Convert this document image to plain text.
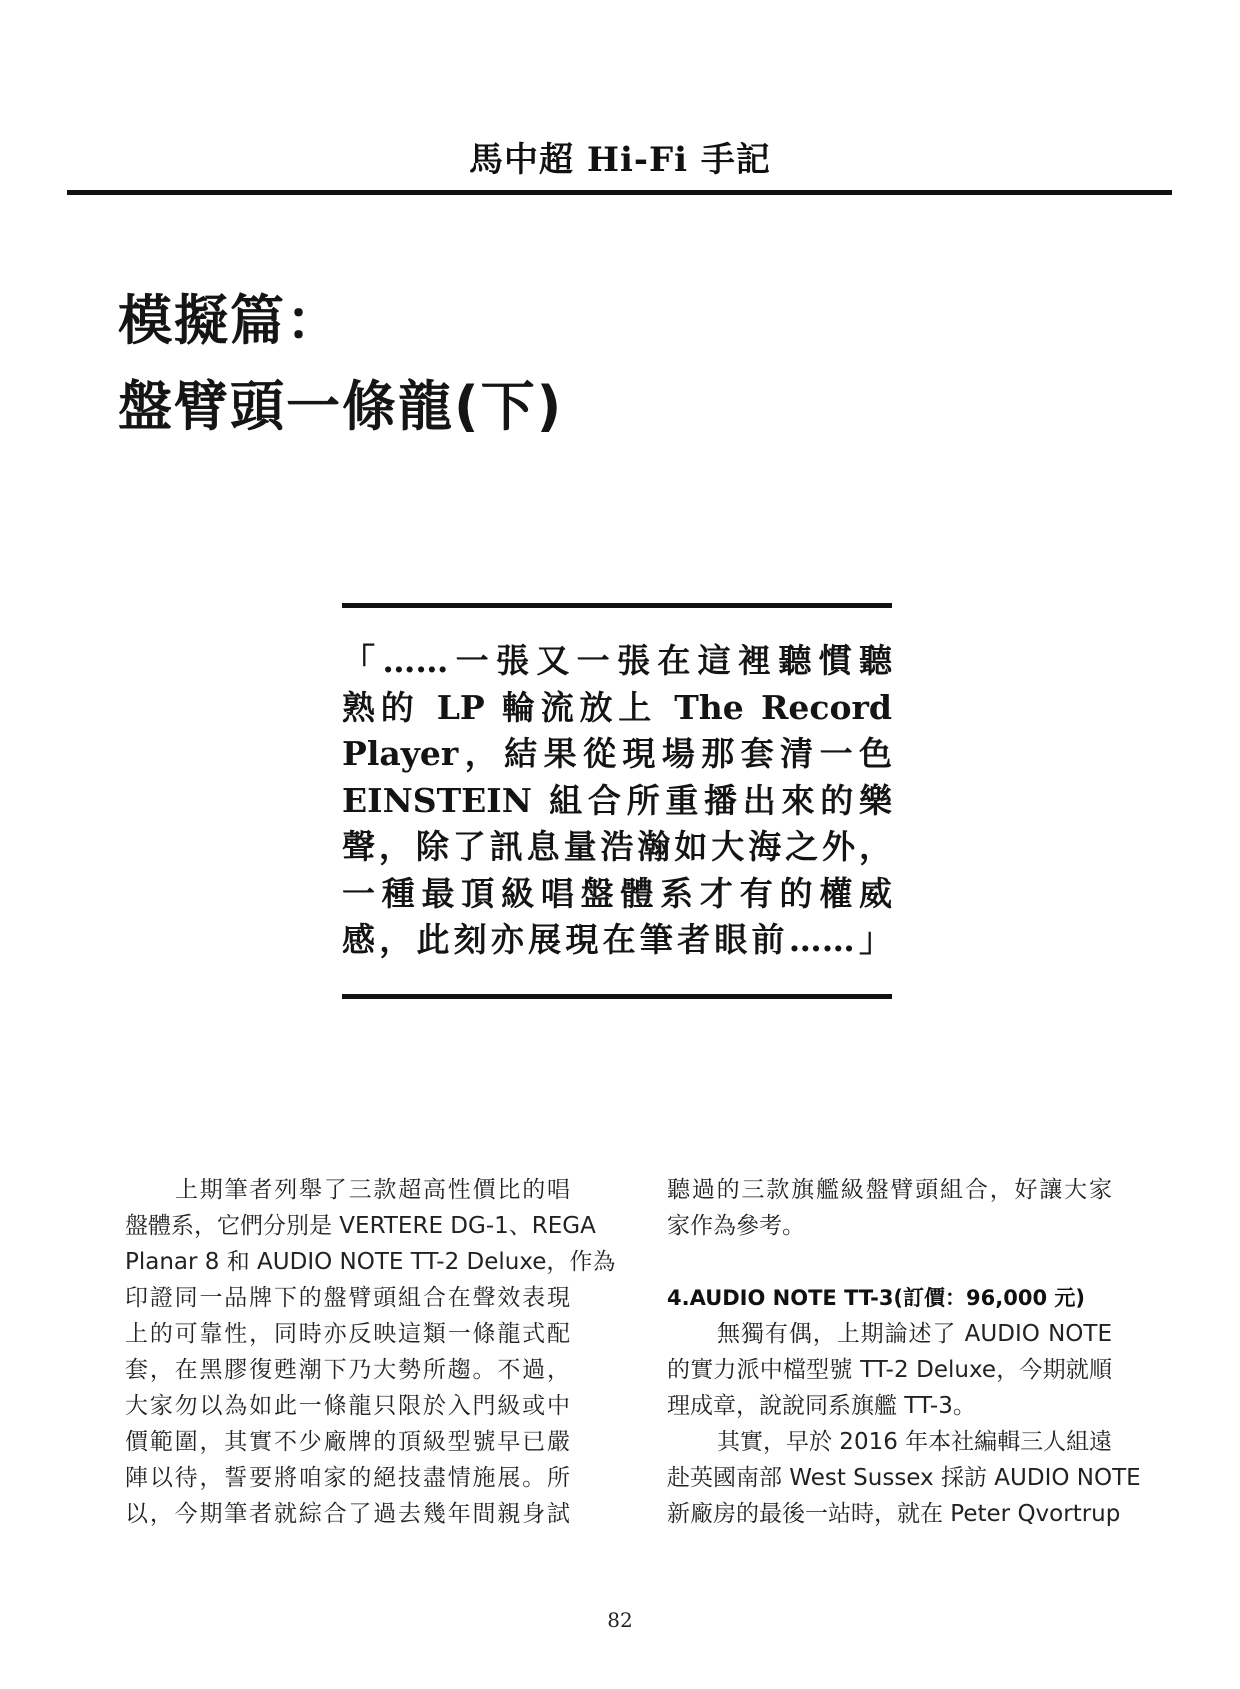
馬中超 Hi-Fi 手記
模擬篇：
盤臂頭一條龍(下)

「……一張又一張在這裡聽慣聽
熟的 LP 輪流放上 The Record
Player，結果從現場那套清一色
EINSTEIN 組合所重播出來的樂
聲，除了訊息量浩瀚如大海之外，
一種最頂級唱盤體系才有的權威
感，此刻亦展現在筆者眼前……」

上期筆者列舉了三款超高性價比的唱
盤體系，它們分別是 VERTERE DG-1、REGA
Planar 8 和 AUDIO NOTE TT-2 Deluxe，作為
印證同一品牌下的盤臂頭組合在聲效表現
上的可靠性，同時亦反映這類一條龍式配
套，在黑膠復甦潮下乃大勢所趨。不過，
大家勿以為如此一條龍只限於入門級或中
價範圍，其實不少廠牌的頂級型號早已嚴
陣以待，誓要將咱家的絕技盡情施展。所
以，今期筆者就綜合了過去幾年間親身試
聽過的三款旗艦級盤臂頭組合，好讓大家
家作為參考。
4.AUDIO NOTE TT-3(訂價：96,000 元)
無獨有偶，上期論述了 AUDIO NOTE
的實力派中檔型號 TT-2 Deluxe，今期就順
理成章，說說同系旗艦 TT-3。
其實，早於 2016 年本社編輯三人組遠
赴英國南部 West Sussex 採訪 AUDIO NOTE
新廠房的最後一站時，就在 Peter Qvortrup
82
